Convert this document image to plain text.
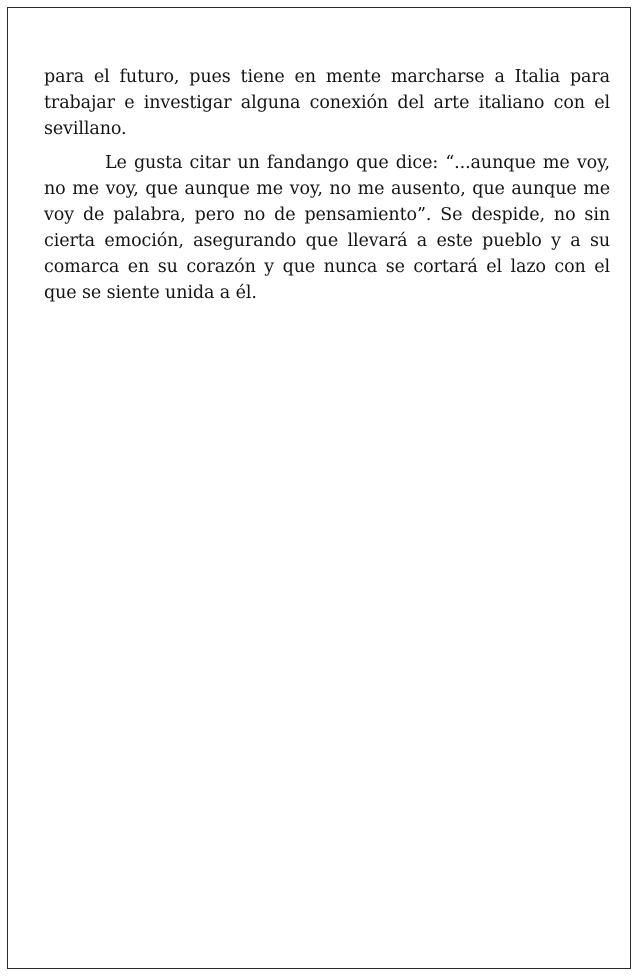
para el futuro, pues tiene en mente marcharse a Italia para trabajar e investigar alguna conexión del arte italiano con el sevillano.

Le gusta citar un fandango que dice: “...aunque me voy, no me voy, que aunque me voy, no me ausento, que aunque me voy de palabra, pero no de pensamiento”. Se despide, no sin cierta emoción, asegurando que llevará a este pueblo y a su comarca en su corazón y que nunca se cortará el lazo con el que se siente unida a él.
